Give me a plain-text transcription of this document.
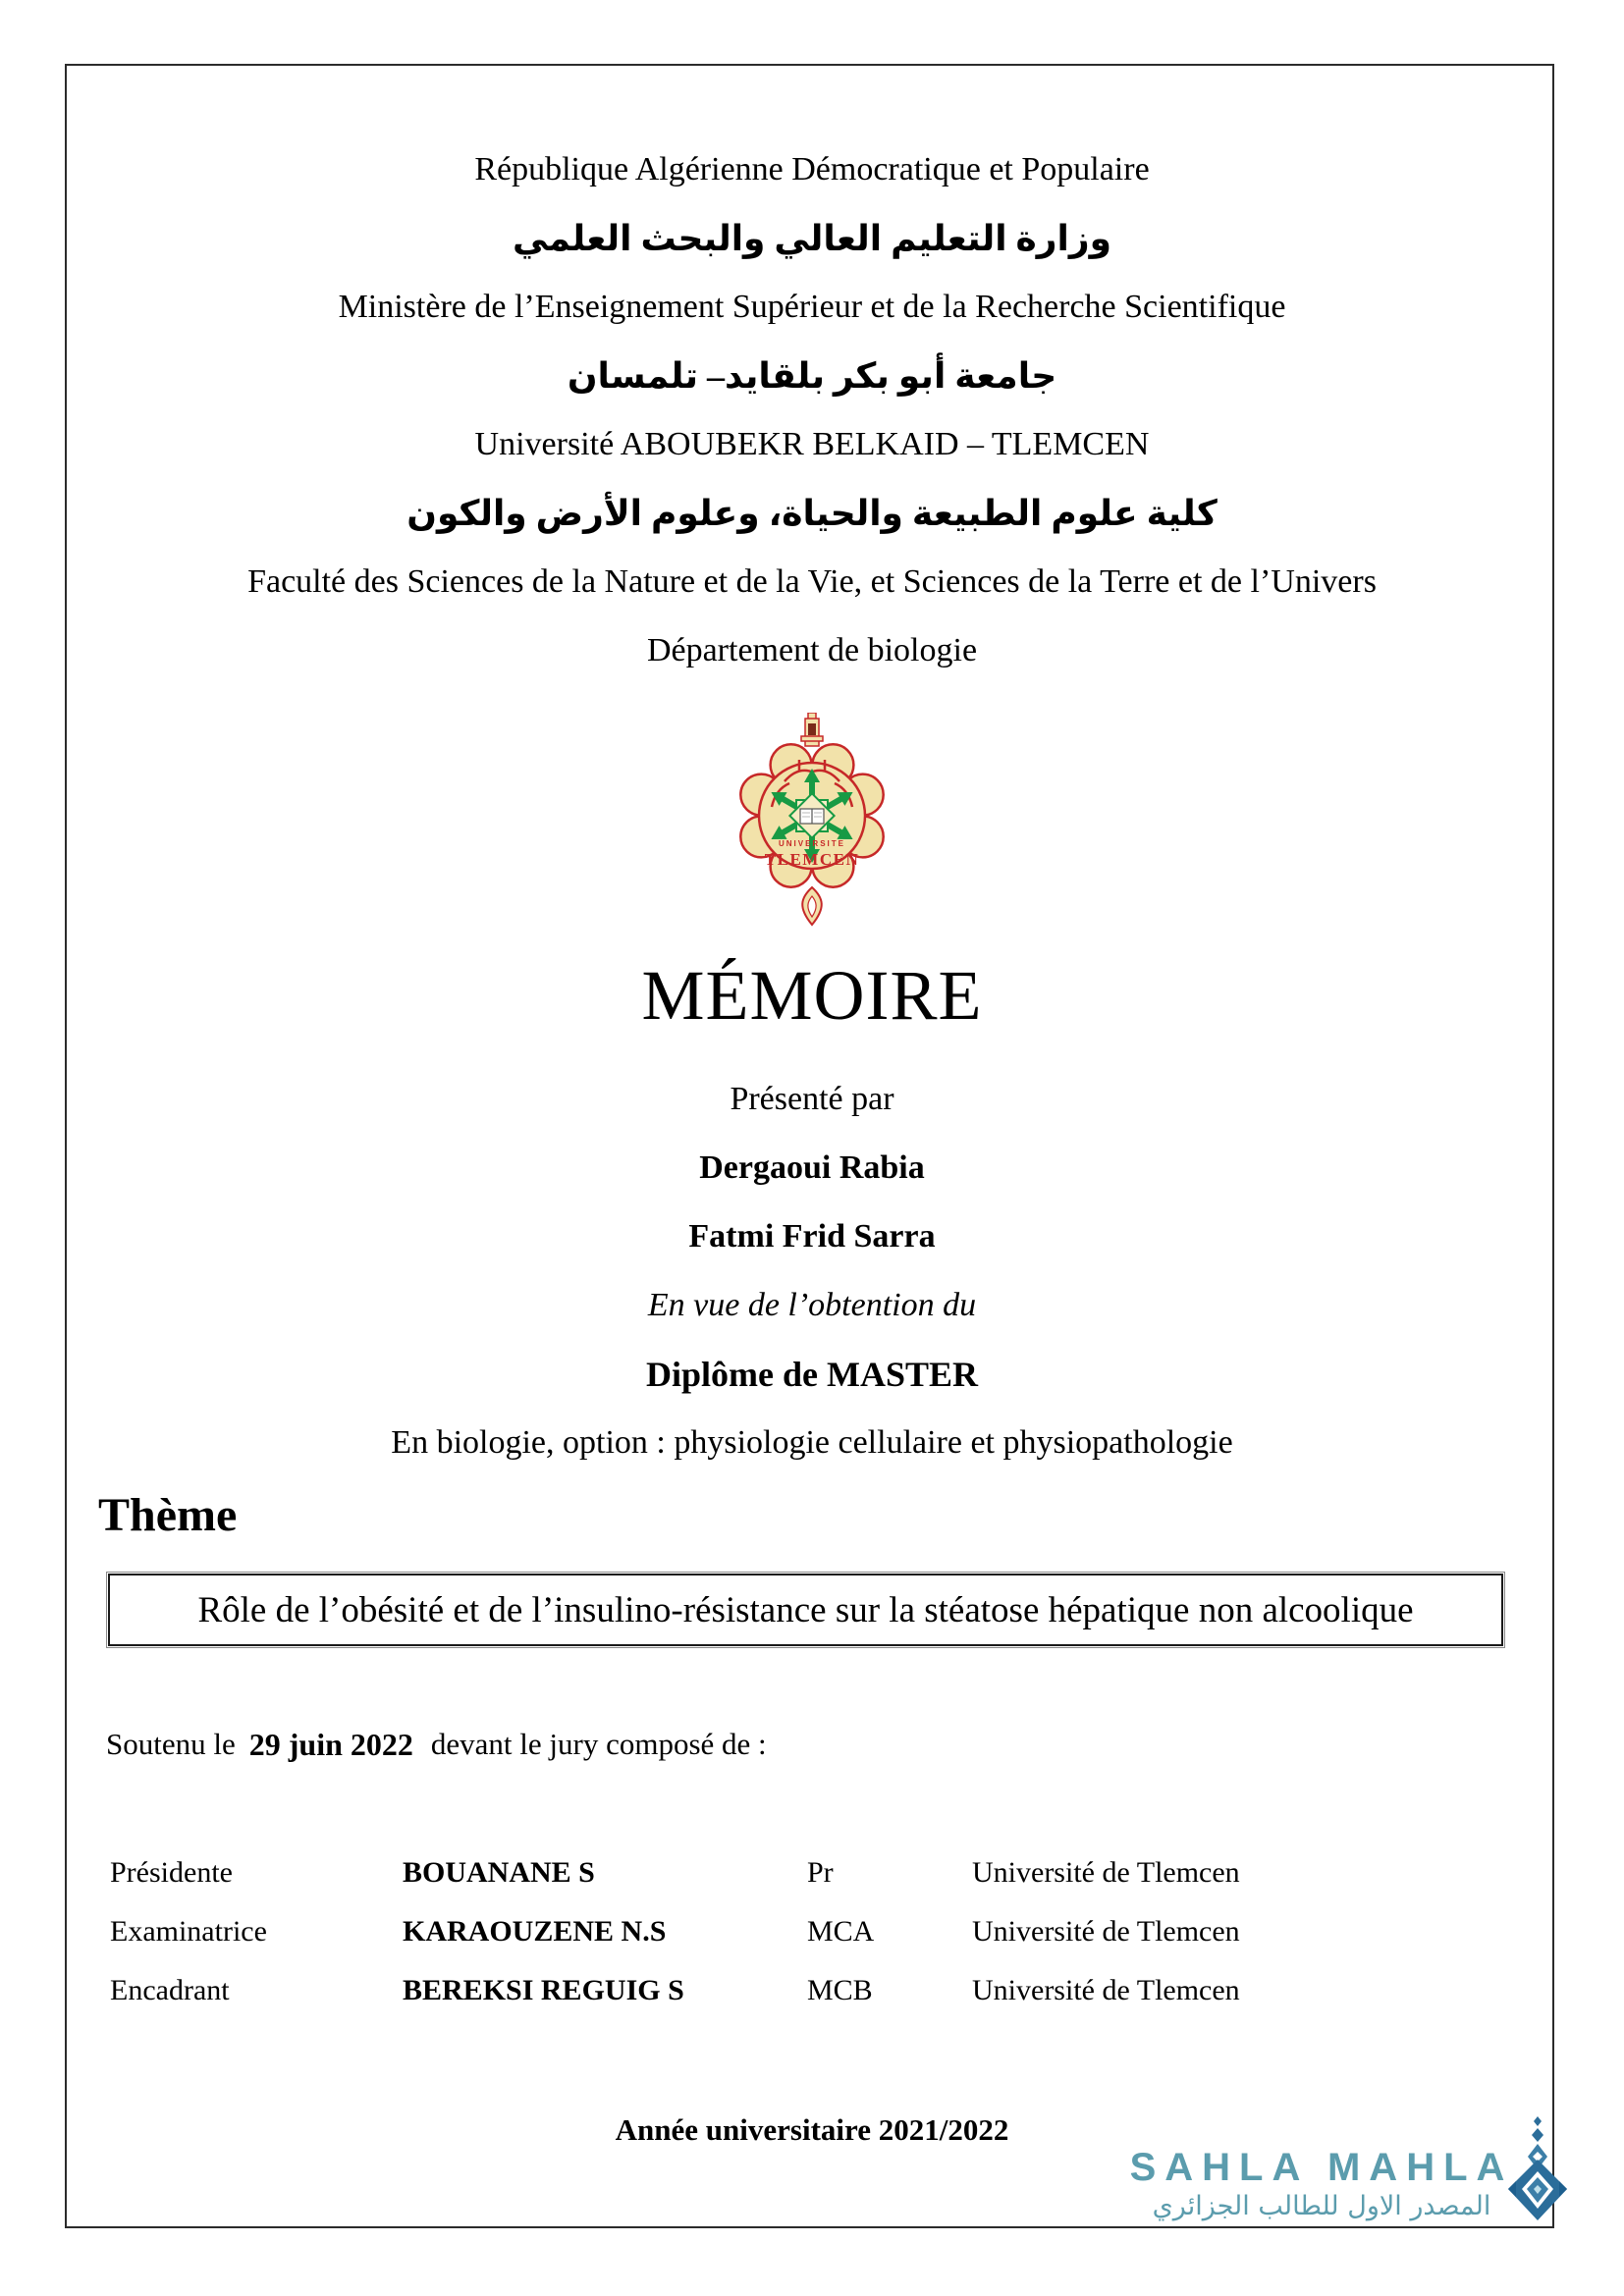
République Algérienne Démocratique et Populaire
وزارة التعليم العالي والبحث العلمي
Ministère de l’Enseignement Supérieur et de la Recherche Scientifique
جامعة أبو بكر بلقايد– تلمسان
Université ABOUBEKR BELKAID – TLEMCEN
كلية علوم الطبيعة والحياة، وعلوم الأرض والكون
Faculté des Sciences de la Nature et de la Vie, et Sciences de la Terre et de l’Univers
Département de biologie
UNIVERSITE
TLEMCEN
MÉMOIRE
Présenté par
Dergaoui Rabia
Fatmi Frid Sarra
En vue de l’obtention du
Diplôme de MASTER
En biologie, option : physiologie cellulaire et physiopathologie
Thème
Rôle de l’obésité et de l’insulino-résistance sur la stéatose hépatique non alcoolique
Soutenu le 29 juin 2022 devant le jury composé de :
Présidente	BOUANANE S	Pr	Université de Tlemcen
Examinatrice	KARAOUZENE N.S	MCA	Université de Tlemcen
Encadrant	BEREKSI REGUIG S	MCB	Université de Tlemcen
Année universitaire 2021/2022
SAHLA MAHLA
المصدر الاول للطالب الجزائري
